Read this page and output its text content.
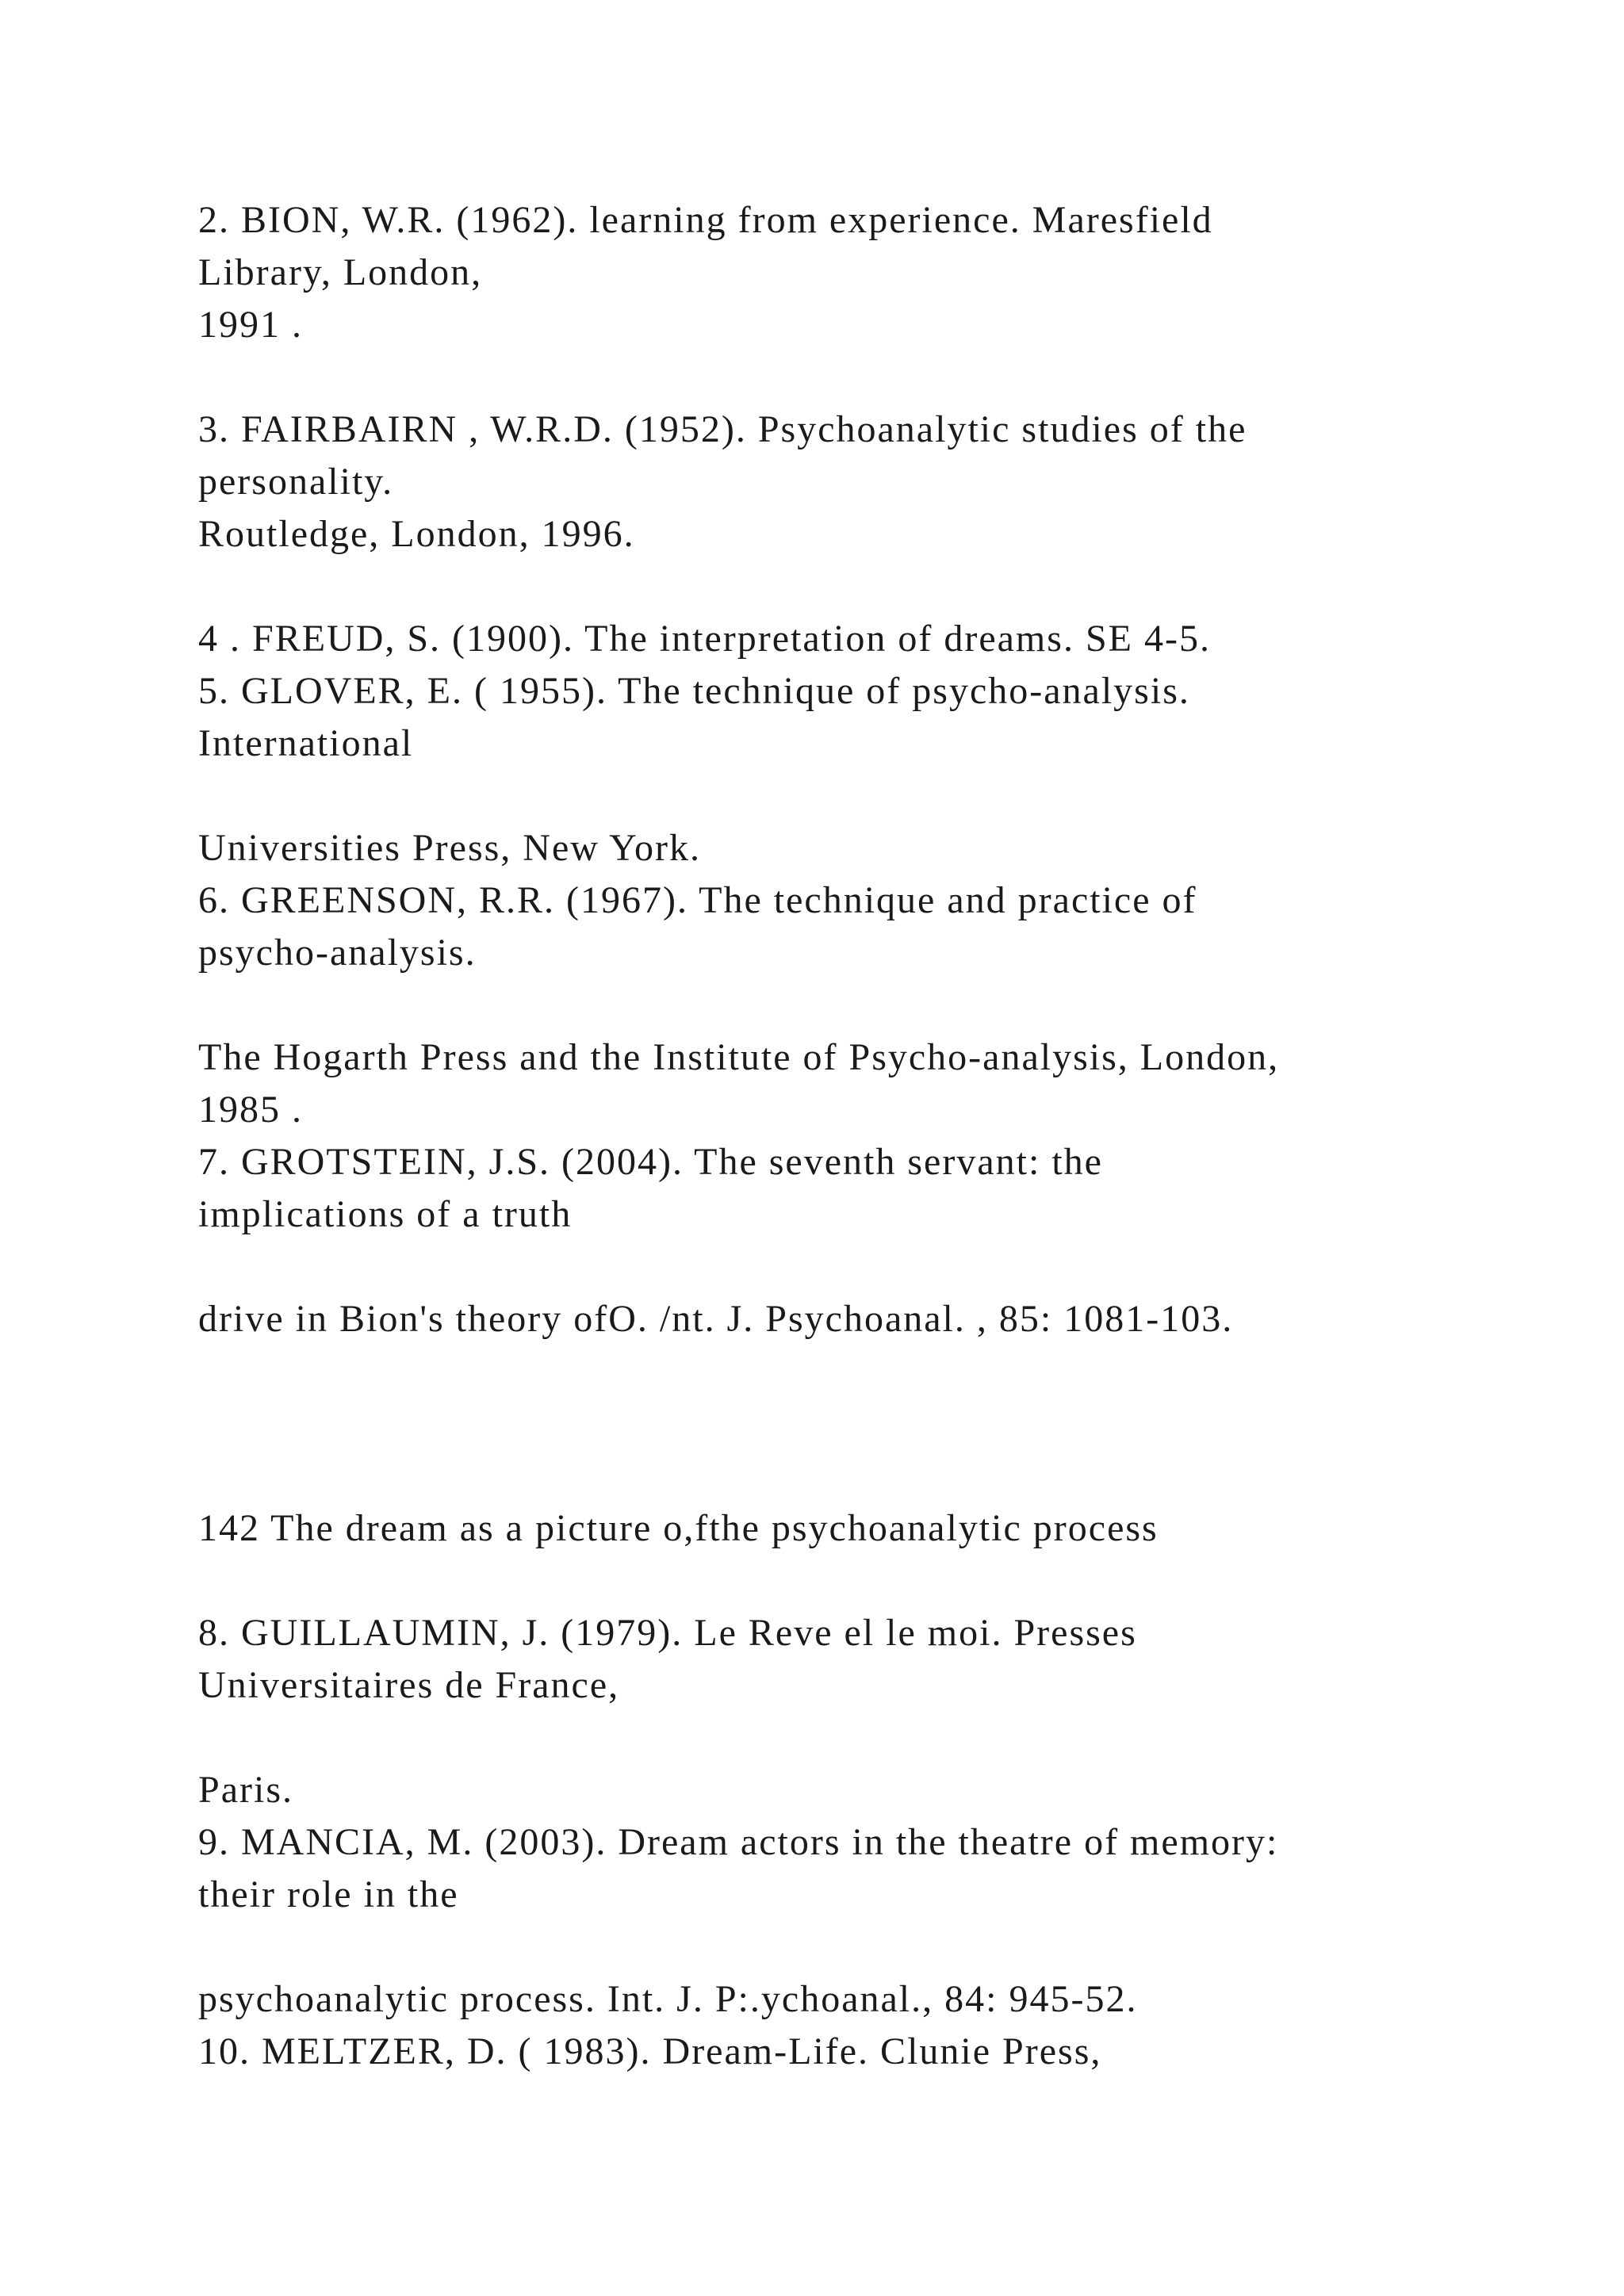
2. BION, W.R. (1962). learning from experience. Maresfield
Library, London,
1991 .
3. FAIRBAIRN , W.R.D. (1952). Psychoanalytic studies of the
personality.
Routledge, London, 1996.
4 . FREUD, S. (1900). The interpretation of dreams. SE 4-5.
5. GLOVER, E. ( 1955). The technique of psycho-analysis.
International
Universities Press, New York.
6. GREENSON, R.R. (1967). The technique and practice of
psycho-analysis.
The Hogarth Press and the Institute of Psycho-analysis, London,
1985 .
7. GROTSTEIN, J.S. (2004). The seventh servant: the
implications of a truth
drive in Bion's theory ofO. /nt. J. Psychoanal. , 85: 1081-103.
142 The dream as a picture o,fthe psychoanalytic process
8. GUILLAUMIN, J. (1979). Le Reve el le moi. Presses
Universitaires de France,
Paris.
9. MANCIA, M. (2003). Dream actors in the theatre of memory:
their role in the
psychoanalytic process. Int. J. P:.ychoanal., 84: 945-52.
10. MELTZER, D. ( 1983). Dream-Life. Clunie Press,
